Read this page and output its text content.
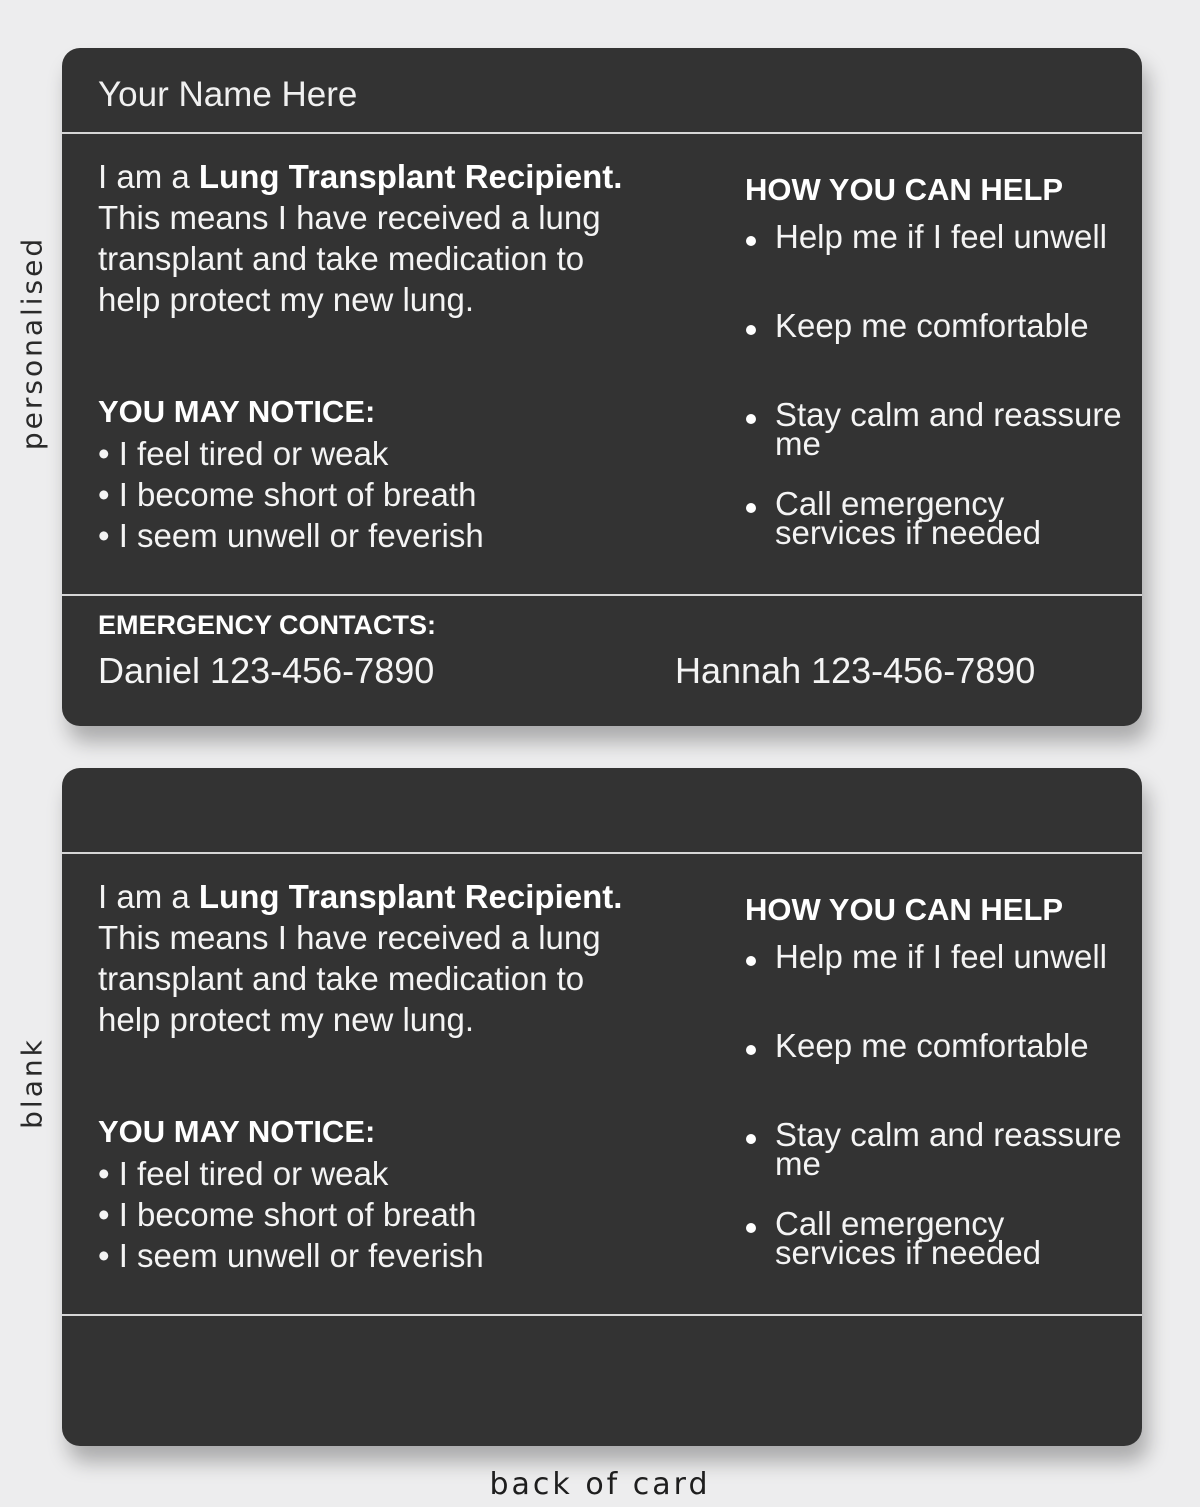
personalised
blank
Your Name Here
I am a Lung Transplant Recipient. This means I have received a lung transplant and take medication to help protect my new lung.
YOU MAY NOTICE:
• I feel tired or weak
• I become short of breath
• I seem unwell or feverish
HOW YOU CAN HELP
Help me if I feel unwell
Keep me comfortable
Stay calm and reassure me
Call emergency services if needed
EMERGENCY CONTACTS:
Daniel 123-456-7890	Hannah 123-456-7890
I am a Lung Transplant Recipient. This means I have received a lung transplant and take medication to help protect my new lung.
YOU MAY NOTICE:
• I feel tired or weak
• I become short of breath
• I seem unwell or feverish
HOW YOU CAN HELP
Help me if I feel unwell
Keep me comfortable
Stay calm and reassure me
Call emergency services if needed
back of card
